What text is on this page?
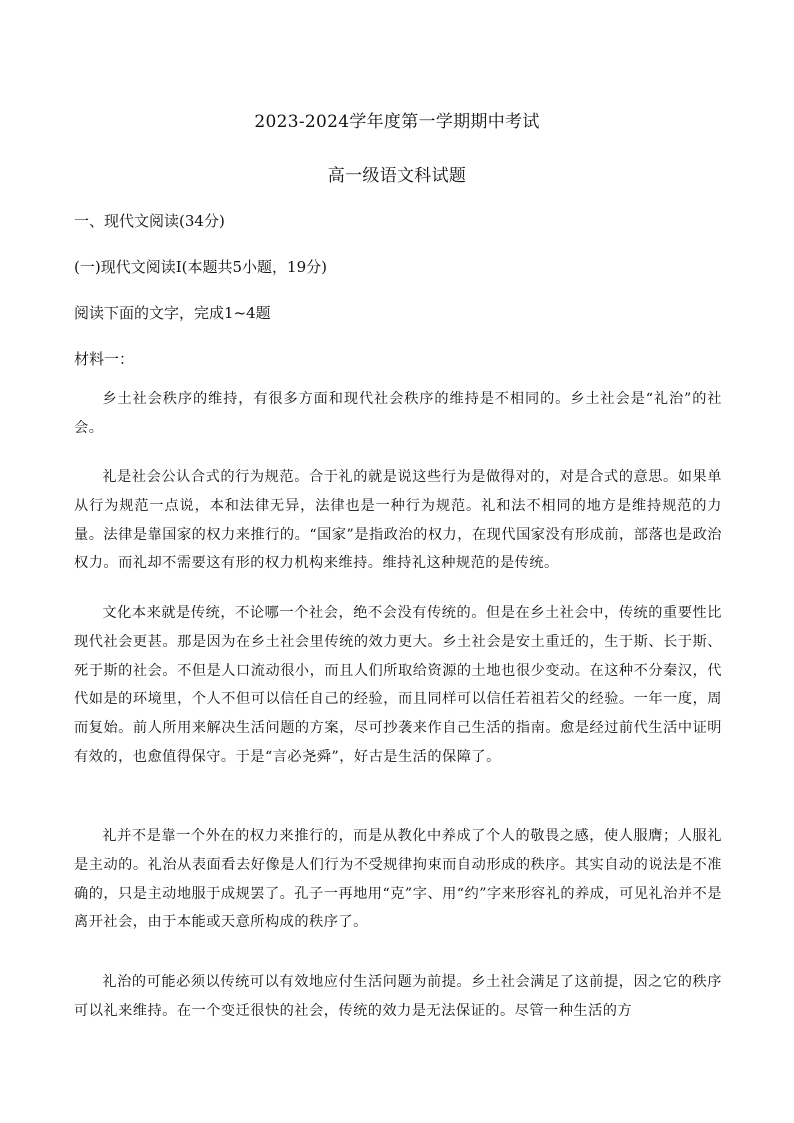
2023-2024学年度第一学期期中考试
高一级语文科试题
一、现代文阅读(34分)
(一)现代文阅读Ⅰ(本题共5小题，19分)
阅读下面的文字，完成1~4题
材料一：

乡土社会秩序的维持，有很多方面和现代社会秩序的维持是不相同的。乡土社会是“礼治”的社会。

礼是社会公认合式的行为规范。合于礼的就是说这些行为是做得对的，对是合式的意思。如果单从行为规范一点说，本和法律无异，法律也是一种行为规范。礼和法不相同的地方是维持规范的力量。法律是靠国家的权力来推行的。“国家”是指政治的权力，在现代国家没有形成前，部落也是政治权力。而礼却不需要这有形的权力机构来维持。维持礼这种规范的是传统。

文化本来就是传统，不论哪一个社会，绝不会没有传统的。但是在乡土社会中，传统的重要性比现代社会更甚。那是因为在乡土社会里传统的效力更大。乡土社会是安土重迁的，生于斯、长于斯、死于斯的社会。不但是人口流动很小，而且人们所取给资源的土地也很少变动。在这种不分秦汉，代代如是的环境里，个人不但可以信任自己的经验，而且同样可以信任若祖若父的经验。一年一度，周而复始。前人所用来解决生活问题的方案，尽可抄袭来作自己生活的指南。愈是经过前代生活中证明有效的，也愈值得保守。于是“言必尧舜”，好古是生活的保障了。

礼并不是靠一个外在的权力来推行的，而是从教化中养成了个人的敬畏之感，使人服膺；人服礼是主动的。礼治从表面看去好像是人们行为不受规律拘束而自动形成的秩序。其实自动的说法是不准确的，只是主动地服于成规罢了。孔子一再地用“克”字、用“约”字来形容礼的养成，可见礼治并不是离开社会，由于本能或天意所构成的秩序了。

礼治的可能必须以传统可以有效地应付生活问题为前提。乡土社会满足了这前提，因之它的秩序可以礼来维持。在一个变迁很快的社会，传统的效力是无法保证的。尽管一种生活的方
